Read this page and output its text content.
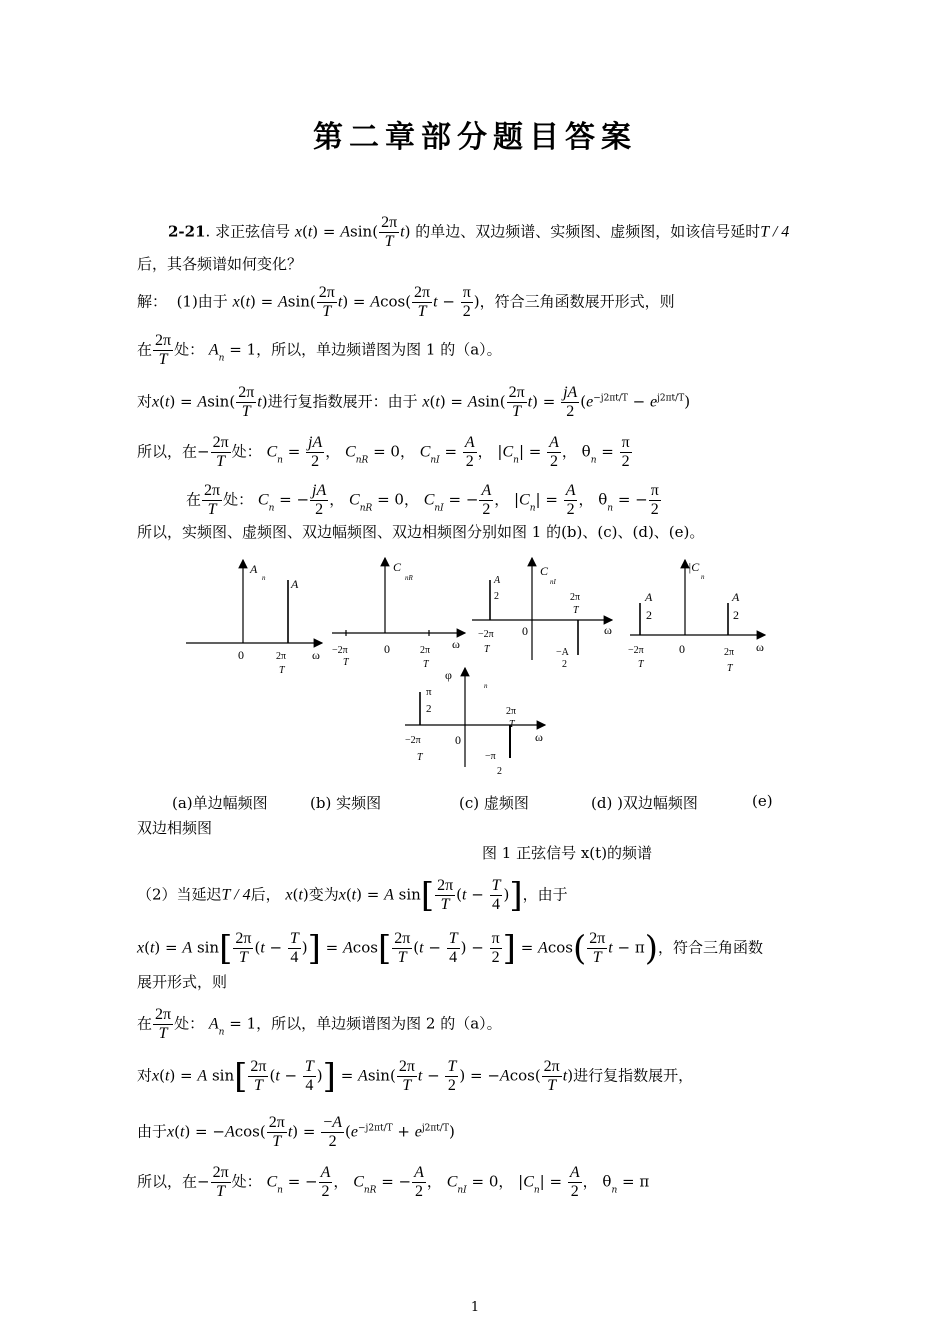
第二章部分题目答案
2-21. 求正弦信号 $x(t) = Asin( \frac{2\pi}{T} t)$ 的单边、双边频谱、实频图、虚频图，如该信号延时T / 4
后，其各频谱如何变化？
解： (1)由于 $x(t) = Asin( \frac{2\pi}{T} t) = Acos( \frac{2\pi}{T}$ $t - \frac{\pi}{2}$ )，符合三角函数展开形式，则
在 $\frac{2\pi}{T}$ 处： $A_n = 1$，所以，单边频谱图为图 1 的（a）。
对$x(t) = Asin( \frac{2\pi}{T} t)$进行复指数展开：由于 $x(t) = Asin( \frac{2\pi}{T} t) = \frac{jA}{2} (e^{-j2\pi t/T} - e^{j2\pi t/T})$
所以，在− $\frac{2\pi}{T}$ 处： $C_n = \frac{jA}{2}$ ， $C_{nR} = 0$， $C_{nI} = \frac{A}{2}$ ， $|C_n| = \frac{A}{2}$ ， $\theta_n = \frac{\pi}{2}$
在 $\frac{2\pi}{T}$ 处： $C_n$ = − $\frac{jA}{2}$ ， $C_{nR} = 0$， $C_{nI}$ = − $\frac{A}{2}$ ， $|C_n| = \frac{A}{2}$ ， $\theta_n$ = − $\frac{\pi}{2}$
所以，实频图、虚频图、双边幅频图、双边相频图分别如图 1 的(b)、(c)、(d)、(e)。
A
n A
0	2π
T
ω
C
nR
−2π
T
0	2π
T
ω
C
nI
A
2	2π
T
−2π
T
0
−A
2
ω
|C
n
A
2
A
2
−2π
T
0	2π
T
ω
φ
n
π
2	2π
T
−2π
T
0
−π
2
ω
(a)单边幅频图	(b) 实频图	(c) 虚频图	(d) )双边幅频图	(e)
双边相频图
图 1 正弦信号 x(t)的频谱
（2）当延迟T / 4后， x(t)变为x(t) = A $\sin[ \frac{2\pi}{T} (t - \frac{T}{4}$ )]，由于
x(t) = A $\sin[ \frac{2\pi}{T} (t - \frac{T}{4}$ )] = $Acos[ \frac{2\pi}{T} (t - \frac{T}{4}$ ) − $\frac{\pi}{2}$ ] = $Acos( \frac{2\pi}{T}$ t − π)，符合三角函数
展开形式，则
在 $\frac{2\pi}{T}$ 处： $A_n = 1$，所以，单边频谱图为图 2 的（a）。
对x(t) = A $\sin[ \frac{2\pi}{T} (t - \frac{T}{4}$ )] = $Asin( \frac{2\pi}{T}$ $t - \frac{T}{2}$ ) = $-Acos( \frac{2\pi}{T} t)$进行复指数展开，
由于$x(t) = -Acos( \frac{2\pi}{T} t) = \frac{-A}{2} (e^{-j2\pi t/T} + e^{j2\pi t/T})$
所以，在− $\frac{2\pi}{T}$ 处： $C_n$ = − $\frac{A}{2}$ ， $C_{nR}$ = − $\frac{A}{2}$ ， $C_{nI} = 0$， $|C_n| = \frac{A}{2}$ ， $\theta_n = \pi$
1
